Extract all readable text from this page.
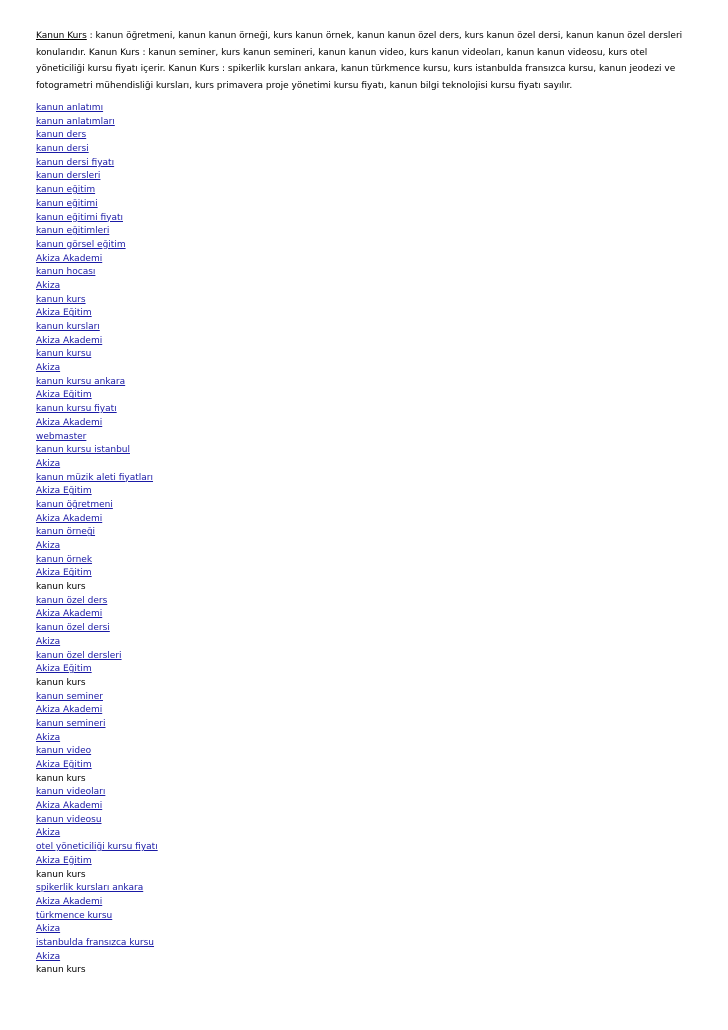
Kanun Kurs : kanun öğretmeni, kanun kanun örneği, kurs kanun örnek, kanun kanun özel ders, kurs kanun özel dersi, kanun kanun özel dersleri konularıdır. Kanun Kurs : kanun seminer, kurs kanun semineri, kanun kanun video, kurs kanun videoları, kanun kanun videosu, kurs otel yöneticiliği kursu fiyatı içerir. Kanun Kurs : spikerlik kursları ankara, kanun türkmence kursu, kurs istanbulda fransızca kursu, kanun jeodezi ve fotogrametri mühendisliği kursları, kurs primavera proje yönetimi kursu fiyatı, kanun bilgi teknolojisi kursu fiyatı sayılır.

kanun anlatımı
kanun anlatımları
kanun ders
kanun dersi
kanun dersi fiyatı
kanun dersleri
kanun eğitim
kanun eğitimi
kanun eğitimi fiyatı
kanun eğitimleri
kanun görsel eğitim
Akiza Akademi
kanun hocası
Akiza
kanun kurs
Akiza Eğitim
kanun kursları
Akiza Akademi
kanun kursu
Akiza
kanun kursu ankara
Akiza Eğitim
kanun kursu fiyatı
Akiza Akademi
webmaster
kanun kursu istanbul
Akiza
kanun müzik aleti fiyatları
Akiza Eğitim
kanun öğretmeni
Akiza Akademi
kanun örneği
Akiza
kanun örnek
Akiza Eğitim
kanun kurs
kanun özel ders
Akiza Akademi
kanun özel dersi
Akiza
kanun özel dersleri
Akiza Eğitim
kanun kurs
kanun seminer
Akiza Akademi
kanun semineri
Akiza
kanun video
Akiza Eğitim
kanun kurs
kanun videoları
Akiza Akademi
kanun videosu
Akiza
otel yöneticiliği kursu fiyatı
Akiza Eğitim
kanun kurs
spikerlik kursları ankara
Akiza Akademi
türkmence kursu
Akiza
istanbulda fransızca kursu
Akiza
kanun kurs
